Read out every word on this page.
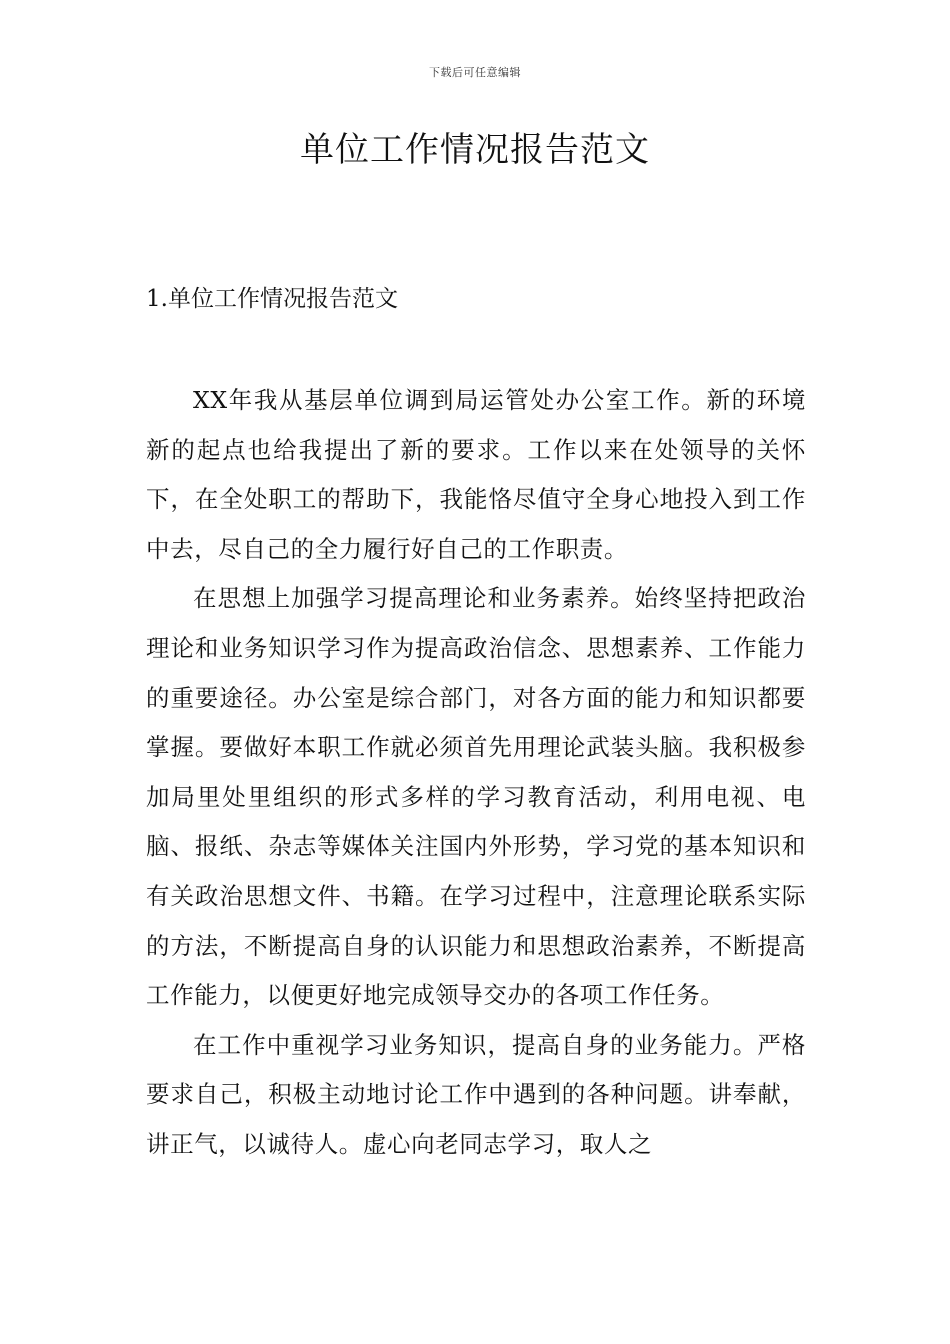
下载后可任意编辑
单位工作情况报告范文
1.单位工作情况报告范文

XX年我从基层单位调到局运管处办公室工作。新的环境新的起点也给我提出了新的要求。工作以来在处领导的关怀下，在全处职工的帮助下，我能恪尽值守全身心地投入到工作中去，尽自己的全力履行好自己的工作职责。

在思想上加强学习提高理论和业务素养。始终坚持把政治理论和业务知识学习作为提高政治信念、思想素养、工作能力的重要途径。办公室是综合部门，对各方面的能力和知识都要掌握。要做好本职工作就必须首先用理论武装头脑。我积极参加局里处里组织的形式多样的学习教育活动，利用电视、电脑、报纸、杂志等媒体关注国内外形势，学习党的基本知识和有关政治思想文件、书籍。在学习过程中，注意理论联系实际的方法，不断提高自身的认识能力和思想政治素养，不断提高工作能力，以便更好地完成领导交办的各项工作任务。

在工作中重视学习业务知识，提高自身的业务能力。严格要求自己，积极主动地讨论工作中遇到的各种问题。讲奉献，讲正气，以诚待人。虚心向老同志学习，取人之
